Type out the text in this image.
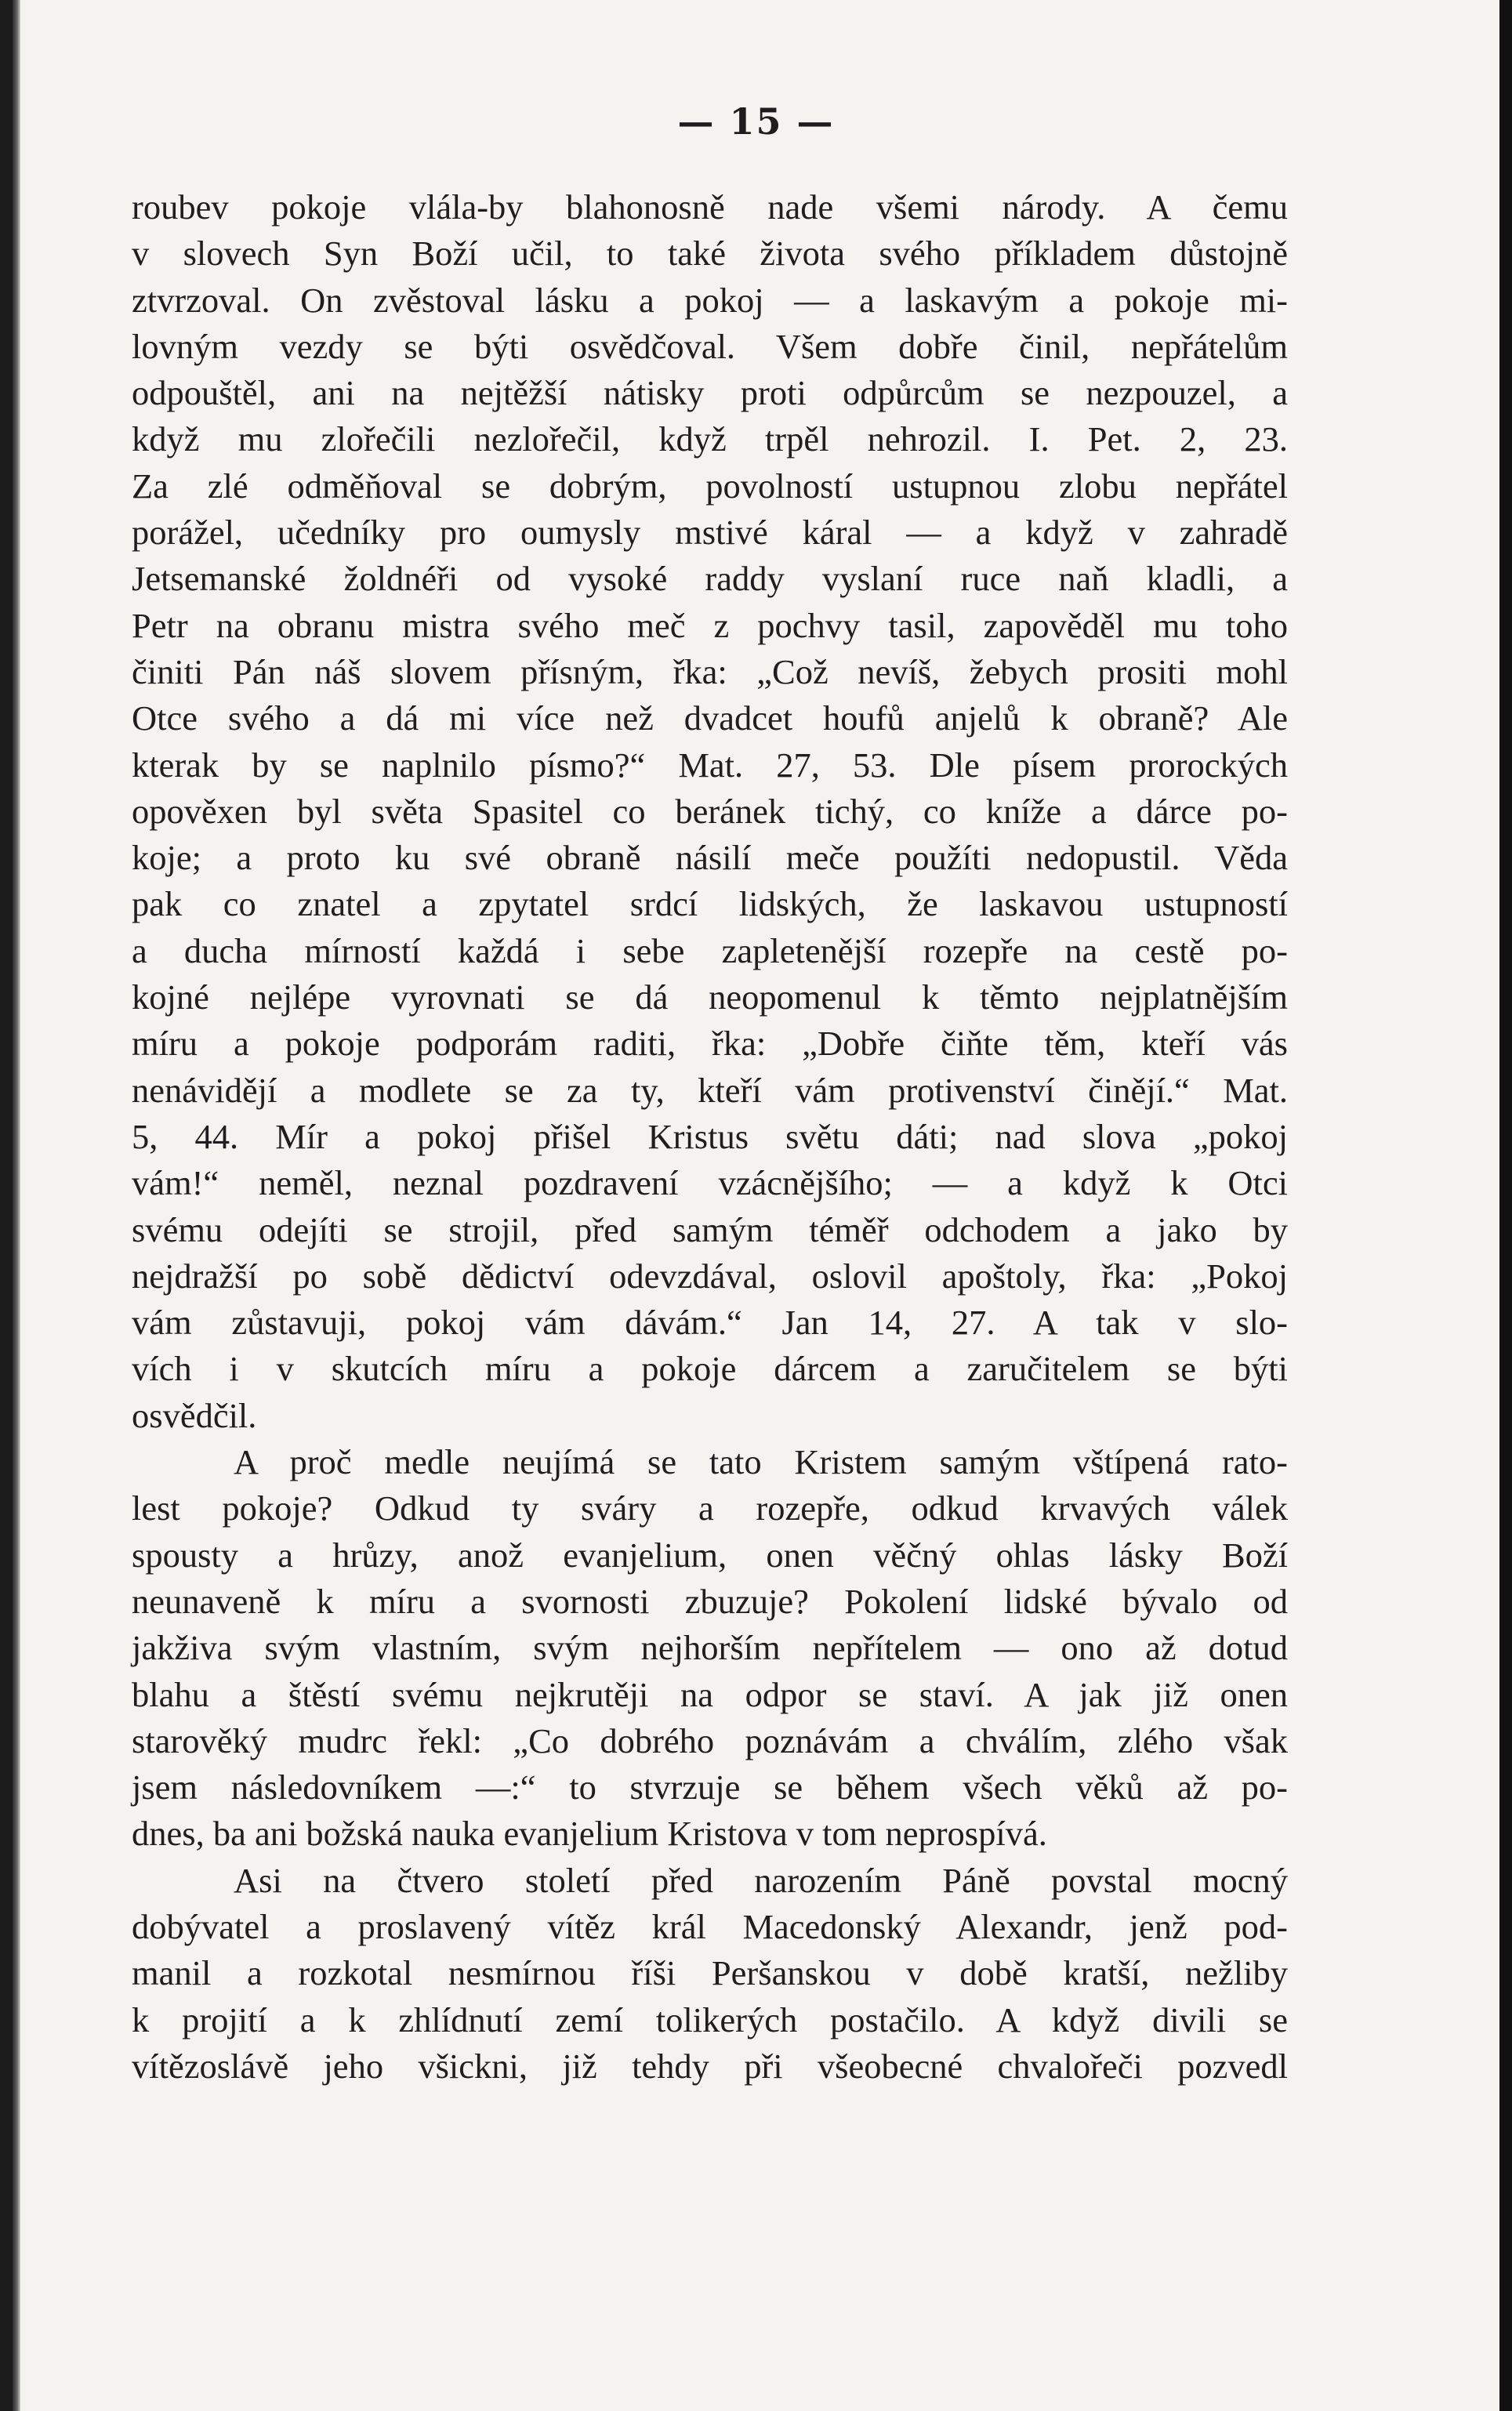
— 15 —
roubev pokoje vlála-by blahonosně nade všemi národy. A čemu
v slovech Syn Boží učil, to také života svého příkladem důstojně
ztvrzoval. On zvěstoval lásku a pokoj — a laskavým a pokoje mi-
lovným vezdy se býti osvědčoval. Všem dobře činil, nepřátelům
odpouštěl, ani na nejtěžší nátisky proti odpůrcům se nezpouzel, a
když mu zlořečili nezlořečil, když trpěl nehrozil. I. Pet. 2, 23.
Za zlé odměňoval se dobrým, povolností ustupnou zlobu nepřátel
porážel, učedníky pro oumysly mstivé káral — a když v zahradě
Jetsemanské žoldnéři od vysoké raddy vyslaní ruce naň kladli, a
Petr na obranu mistra svého meč z pochvy tasil, zapověděl mu toho
činiti Pán náš slovem přísným, řka: „Což nevíš, žebych prositi mohl
Otce svého a dá mi více než dvadcet houfů anjelů k obraně? Ale
kterak by se naplnilo písmo?“ Mat. 27, 53. Dle písem prorockých
opověxen byl světa Spasitel co beránek tichý, co kníže a dárce po-
koje; a proto ku své obraně násilí meče použíti nedopustil. Věda
pak co znatel a zpytatel srdcí lidských, že laskavou ustupností
a ducha mírností každá i sebe zapletenější rozepře na cestě po-
kojné nejlépe vyrovnati se dá neopomenul k těmto nejplatnějším
míru a pokoje podporám raditi, řka: „Dobře čiňte těm, kteří vás
nenávidějí a modlete se za ty, kteří vám protivenství činějí.“ Mat.
5, 44. Mír a pokoj přišel Kristus světu dáti; nad slova „pokoj
vám!“ neměl, neznal pozdravení vzácnějšího; — a když k Otci
svému odejíti se strojil, před samým téměř odchodem a jako by
nejdražší po sobě dědictví odevzdával, oslovil apoštoly, řka: „Pokoj
vám zůstavuji, pokoj vám dávám.“ Jan 14, 27. A tak v slo-
vích i v skutcích míru a pokoje dárcem a zaručitelem se býti
osvědčil.
A proč medle neujímá se tato Kristem samým vštípená rato-
lest pokoje? Odkud ty sváry a rozepře, odkud krvavých válek
spousty a hrůzy, anož evanjelium, onen věčný ohlas lásky Boží
neunaveně k míru a svornosti zbuzuje? Pokolení lidské bývalo od
jakživa svým vlastním, svým nejhorším nepřítelem — ono až dotud
blahu a štěstí svému nejkrutěji na odpor se staví. A jak již onen
starověký mudrc řekl: „Co dobrého poznávám a chválím, zlého však
jsem následovníkem —:“ to stvrzuje se během všech věků až po-
dnes, ba ani božská nauka evanjelium Kristova v tom neprospívá.
Asi na čtvero století před narozením Páně povstal mocný
dobývatel a proslavený vítěz král Macedonský Alexandr, jenž pod-
manil a rozkotal nesmírnou říši Peršanskou v době kratší, nežliby
k projití a k zhlídnutí zemí tolikerých postačilo. A když divili se
vítězoslávě jeho všickni, již tehdy při všeobecné chvalořeči pozvedl
